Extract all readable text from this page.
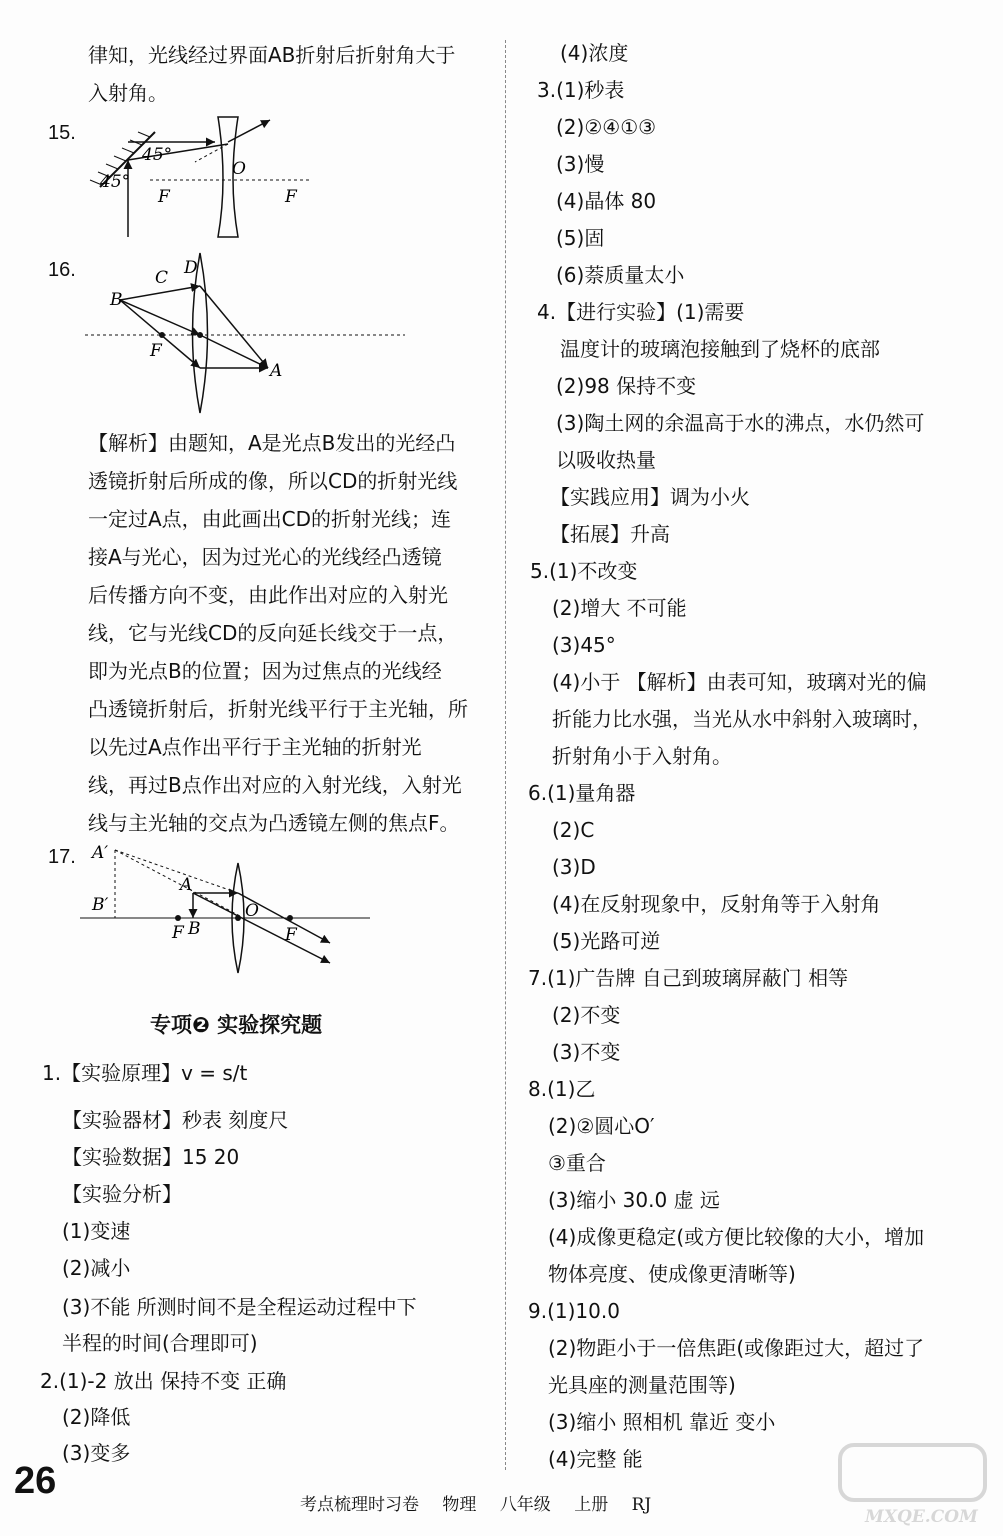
律知，光线经过界面AB折射后折射角大于
入射角。
15.
45°
45°
O
F	F
16.
B
C D
F
A
【解析】由题知，A是光点B发出的光经凸
透镜折射后所成的像，所以CD的折射光线
一定过A点，由此画出CD的折射光线；连
接A与光心，因为过光心的光线经凸透镜
后传播方向不变，由此作出对应的入射光
线，它与光线CD的反向延长线交于一点，
即为光点B的位置；因为过焦点的光线经
凸透镜折射后，折射光线平行于主光轴，所
以先过A点作出平行于主光轴的折射光
线，再过B点作出对应的入射光线，入射光
线与主光轴的交点为凸透镜左侧的焦点F。
17. A′
B′
A
O
F B	F
专项❷ 实验探究题
1.【实验原理】v = s/t
【实验器材】秒表 刻度尺
【实验数据】15 20
【实验分析】
(1)变速
(2)减小
(3)不能 所测时间不是全程运动过程中下
半程的时间(合理即可)
2.(1)-2 放出 保持不变 正确
(2)降低
(3)变多
(4)浓度
3.(1)秒表
(2)②④①③
(3)慢
(4)晶体 80
(5)固
(6)萘质量太小
4.【进行实验】(1)需要
温度计的玻璃泡接触到了烧杯的底部
(2)98 保持不变
(3)陶土网的余温高于水的沸点，水仍然可
以吸收热量
【实践应用】调为小火
【拓展】升高
5.(1)不改变
(2)增大 不可能
(3)45°
(4)小于 【解析】由表可知，玻璃对光的偏
折能力比水强，当光从水中斜射入玻璃时，
折射角小于入射角。
6.(1)量角器
(2)C
(3)D
(4)在反射现象中，反射角等于入射角
(5)光路可逆
7.(1)广告牌 自己到玻璃屏蔽门 相等
(2)不变
(3)不变
8.(1)乙
(2)②圆心O′
③重合
(3)缩小 30.0 虚 远
(4)成像更稳定(或方便比较像的大小，增加
物体亮度、使成像更清晰等)
9.(1)10.0
(2)物距小于一倍焦距(或像距过大，超过了
光具座的测量范围等)
(3)缩小 照相机 靠近 变小
(4)完整 能
26
考点梳理时习卷 物理 八年级 上册 RJ
MXQE.COM
